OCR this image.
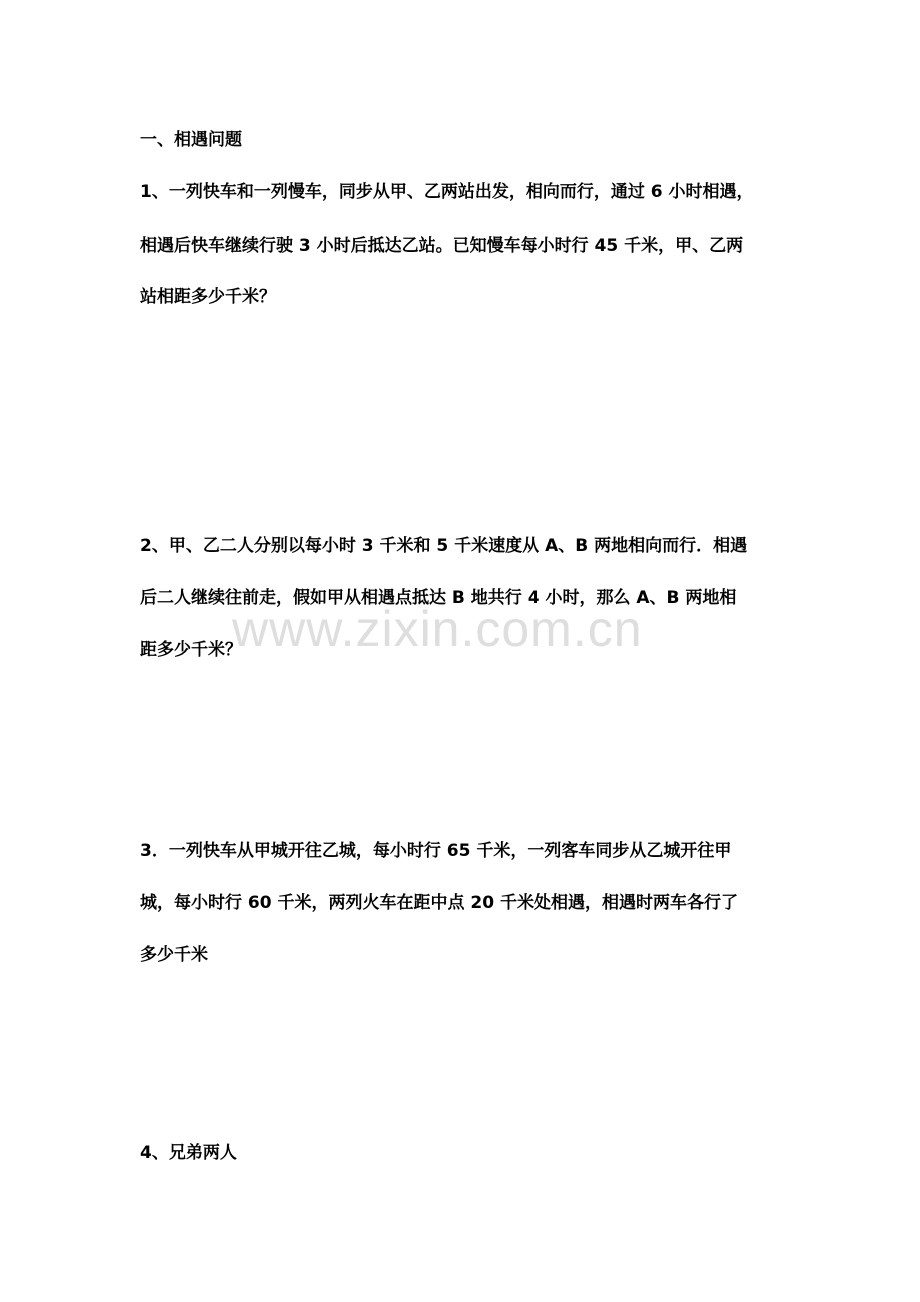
一、相遇问题
1、一列快车和一列慢车，同步从甲、乙两站出发，相向而行，通过 6 小时相遇，
相遇后快车继续行驶 3 小时后抵达乙站。已知慢车每小时行 45 千米，甲、乙两
站相距多少千米？
2、甲、乙二人分别以每小时 3 千米和 5 千米速度从 A、B 两地相向而行．相遇
后二人继续往前走，假如甲从相遇点抵达 B 地共行 4 小时，那么 A、B 两地相
距多少千米？
3．一列快车从甲城开往乙城，每小时行 65 千米，一列客车同步从乙城开往甲
城，每小时行 60 千米，两列火车在距中点 20 千米处相遇，相遇时两车各行了
多少千米
4、兄弟两人
www.zixin.com.cn
